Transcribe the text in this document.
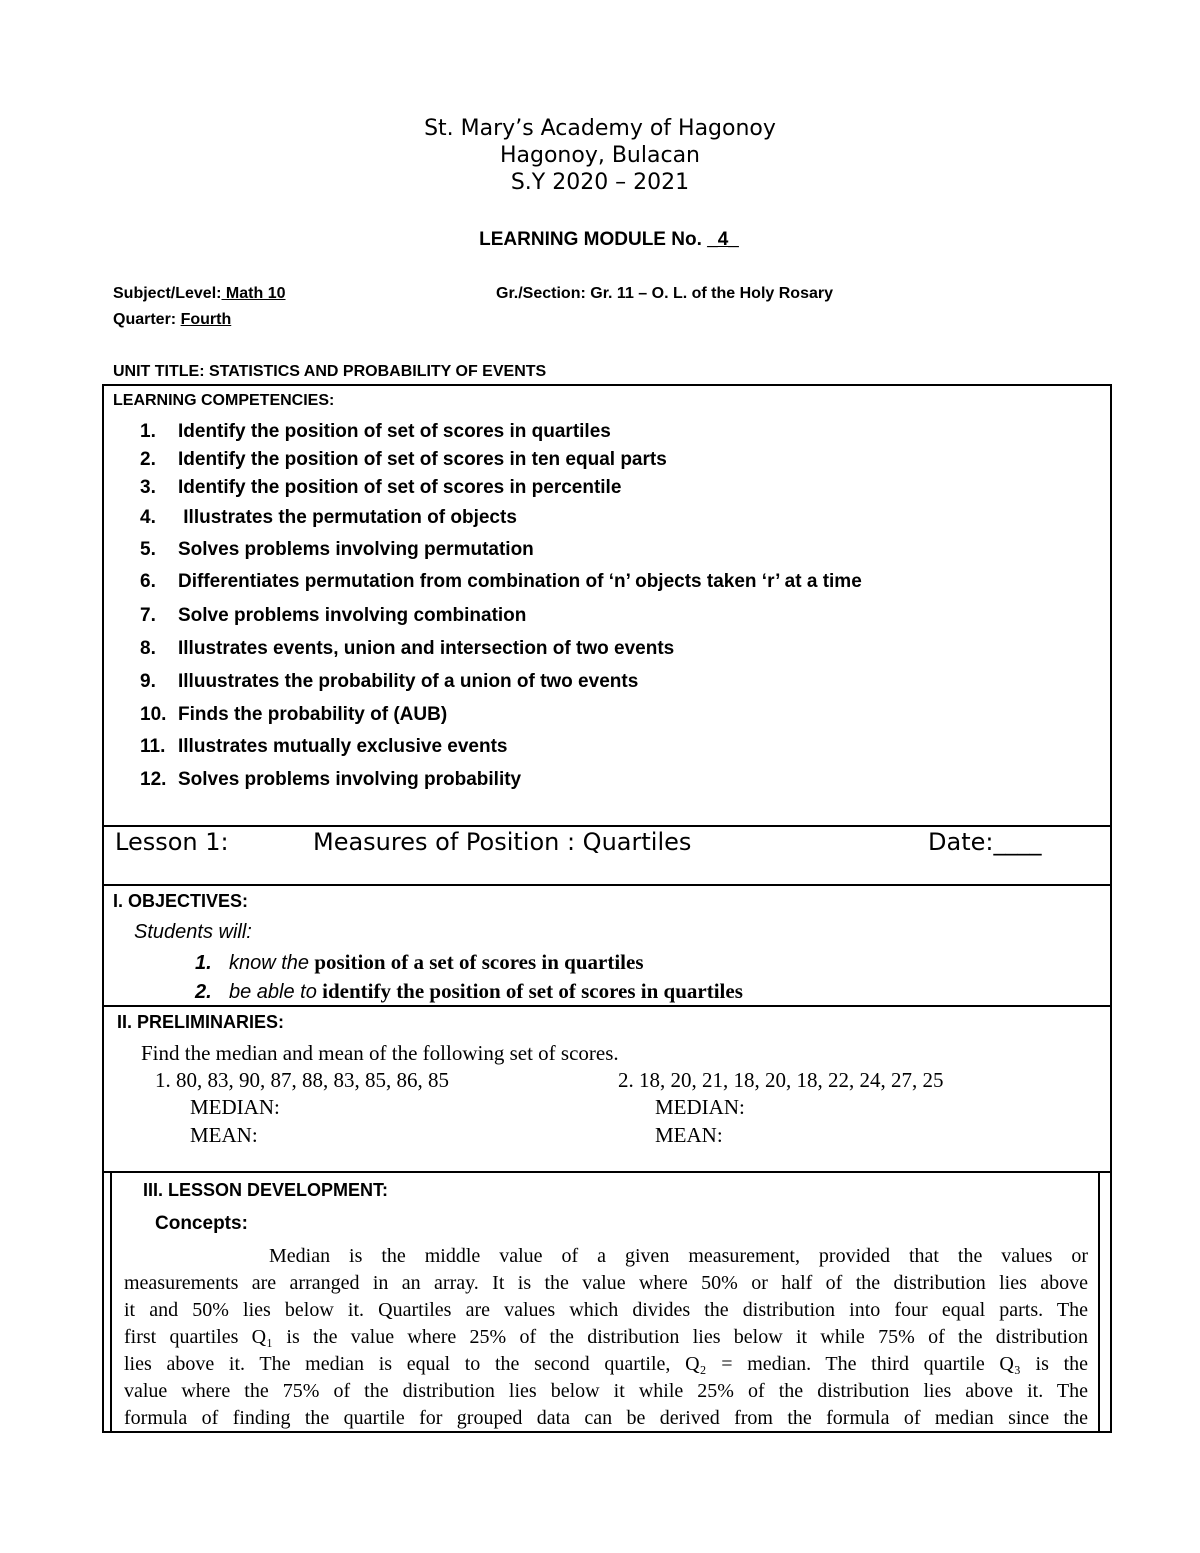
St. Mary’s Academy of Hagonoy
Hagonoy, Bulacan
S.Y 2020 – 2021
LEARNING MODULE No. _4_
Subject/Level: Math 10	Gr./Section: Gr. 11 – O. L. of the Holy Rosary
Quarter: Fourth
UNIT TITLE: STATISTICS AND PROBABILITY OF EVENTS
LEARNING COMPETENCIES:
1. Identify the position of set of scores in quartiles
2. Identify the position of set of scores in ten equal parts
3. Identify the position of set of scores in percentile
4. Illustrates the permutation of objects
5. Solves problems involving permutation
6. Differentiates permutation from combination of ‘n’ objects taken ‘r’ at a time
7. Solve problems involving combination
8. Illustrates events, union and intersection of two events
9. Illuustrates the probability of a union of two events
10. Finds the probability of (AUB)
11. Illustrates mutually exclusive events
12. Solves problems involving probability
Lesson 1:	Measures of Position : Quartiles	Date:____
I. OBJECTIVES:
Students will:
1. know the position of a set of scores in quartiles
2. be able to identify the position of set of scores in quartiles
II. PRELIMINARIES:
Find the median and mean of the following set of scores.
1. 80, 83, 90, 87, 88, 83, 85, 86, 85
MEDIAN:
MEAN:
2. 18, 20, 21, 18, 20, 18, 22, 24, 27, 25
MEDIAN:
MEAN:
III. LESSON DEVELOPMENT:
Concepts:
Median is the middle value of a given measurement, provided that the values or
measurements are arranged in an array. It is the value where 50% or half of the distribution lies above
it and 50% lies below it. Quartiles are values which divides the distribution into four equal parts. The
first quartiles Q₁ is the value where 25% of the distribution lies below it while 75% of the distribution
lies above it. The median is equal to the second quartile, Q₂ = median. The third quartile Q₃ is the
value where the 75% of the distribution lies below it while 25% of the distribution lies above it. The
formula of finding the quartile for grouped data can be derived from the formula of median since the
